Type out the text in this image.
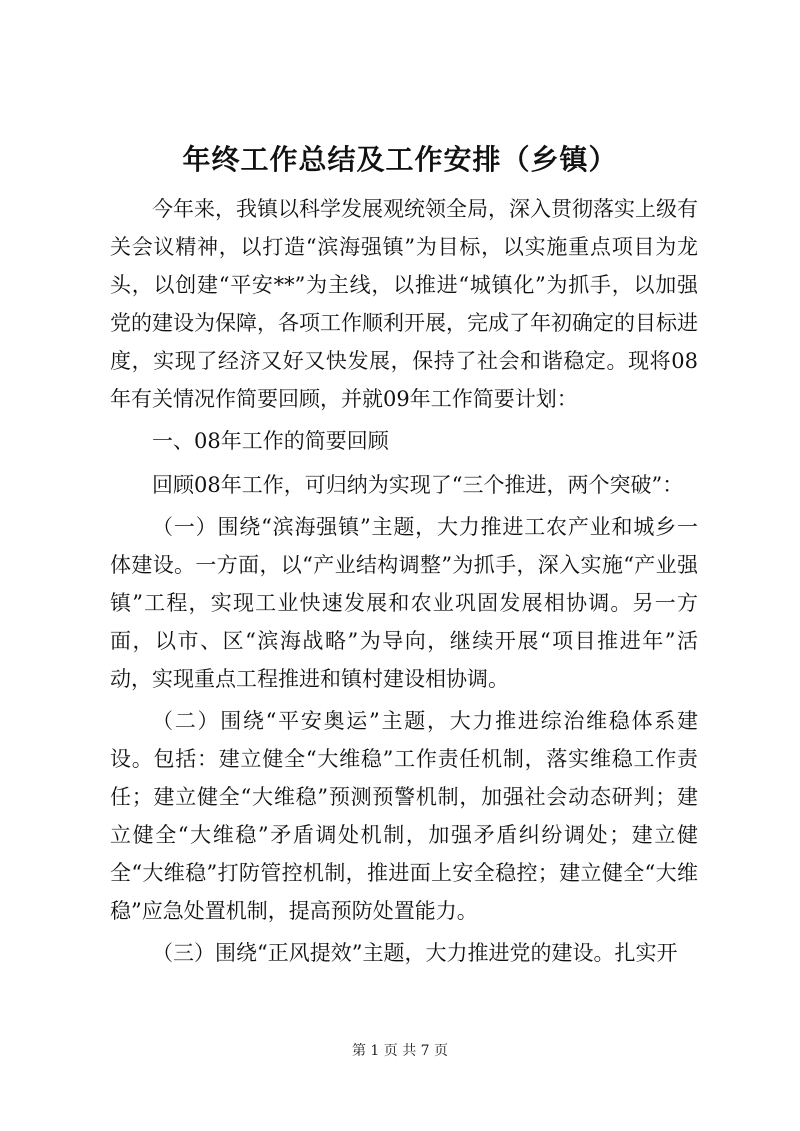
年终工作总结及工作安排（乡镇）

今年来，我镇以科学发展观统领全局，深入贯彻落实上级有关会议精神，以打造“滨海强镇”为目标，以实施重点项目为龙头，以创建“平安**”为主线，以推进“城镇化”为抓手，以加强党的建设为保障，各项工作顺利开展，完成了年初确定的目标进度，实现了经济又好又快发展，保持了社会和谐稳定。现将08年有关情况作简要回顾，并就09年工作简要计划：

一、08年工作的简要回顾

回顾08年工作，可归纳为实现了“三个推进，两个突破”：

（一）围绕“滨海强镇”主题，大力推进工农产业和城乡一体建设。一方面，以“产业结构调整”为抓手，深入实施“产业强镇”工程，实现工业快速发展和农业巩固发展相协调。另一方面，以市、区“滨海战略”为导向，继续开展“项目推进年”活动，实现重点工程推进和镇村建设相协调。

（二）围绕“平安奥运”主题，大力推进综治维稳体系建设。包括：建立健全“大维稳”工作责任机制，落实维稳工作责任；建立健全“大维稳”预测预警机制，加强社会动态研判；建立健全“大维稳”矛盾调处机制，加强矛盾纠纷调处；建立健全“大维稳”打防管控机制，推进面上安全稳控；建立健全“大维稳”应急处置机制，提高预防处置能力。

（三）围绕“正风提效”主题，大力推进党的建设。扎实开

第 1 页 共 7 页
